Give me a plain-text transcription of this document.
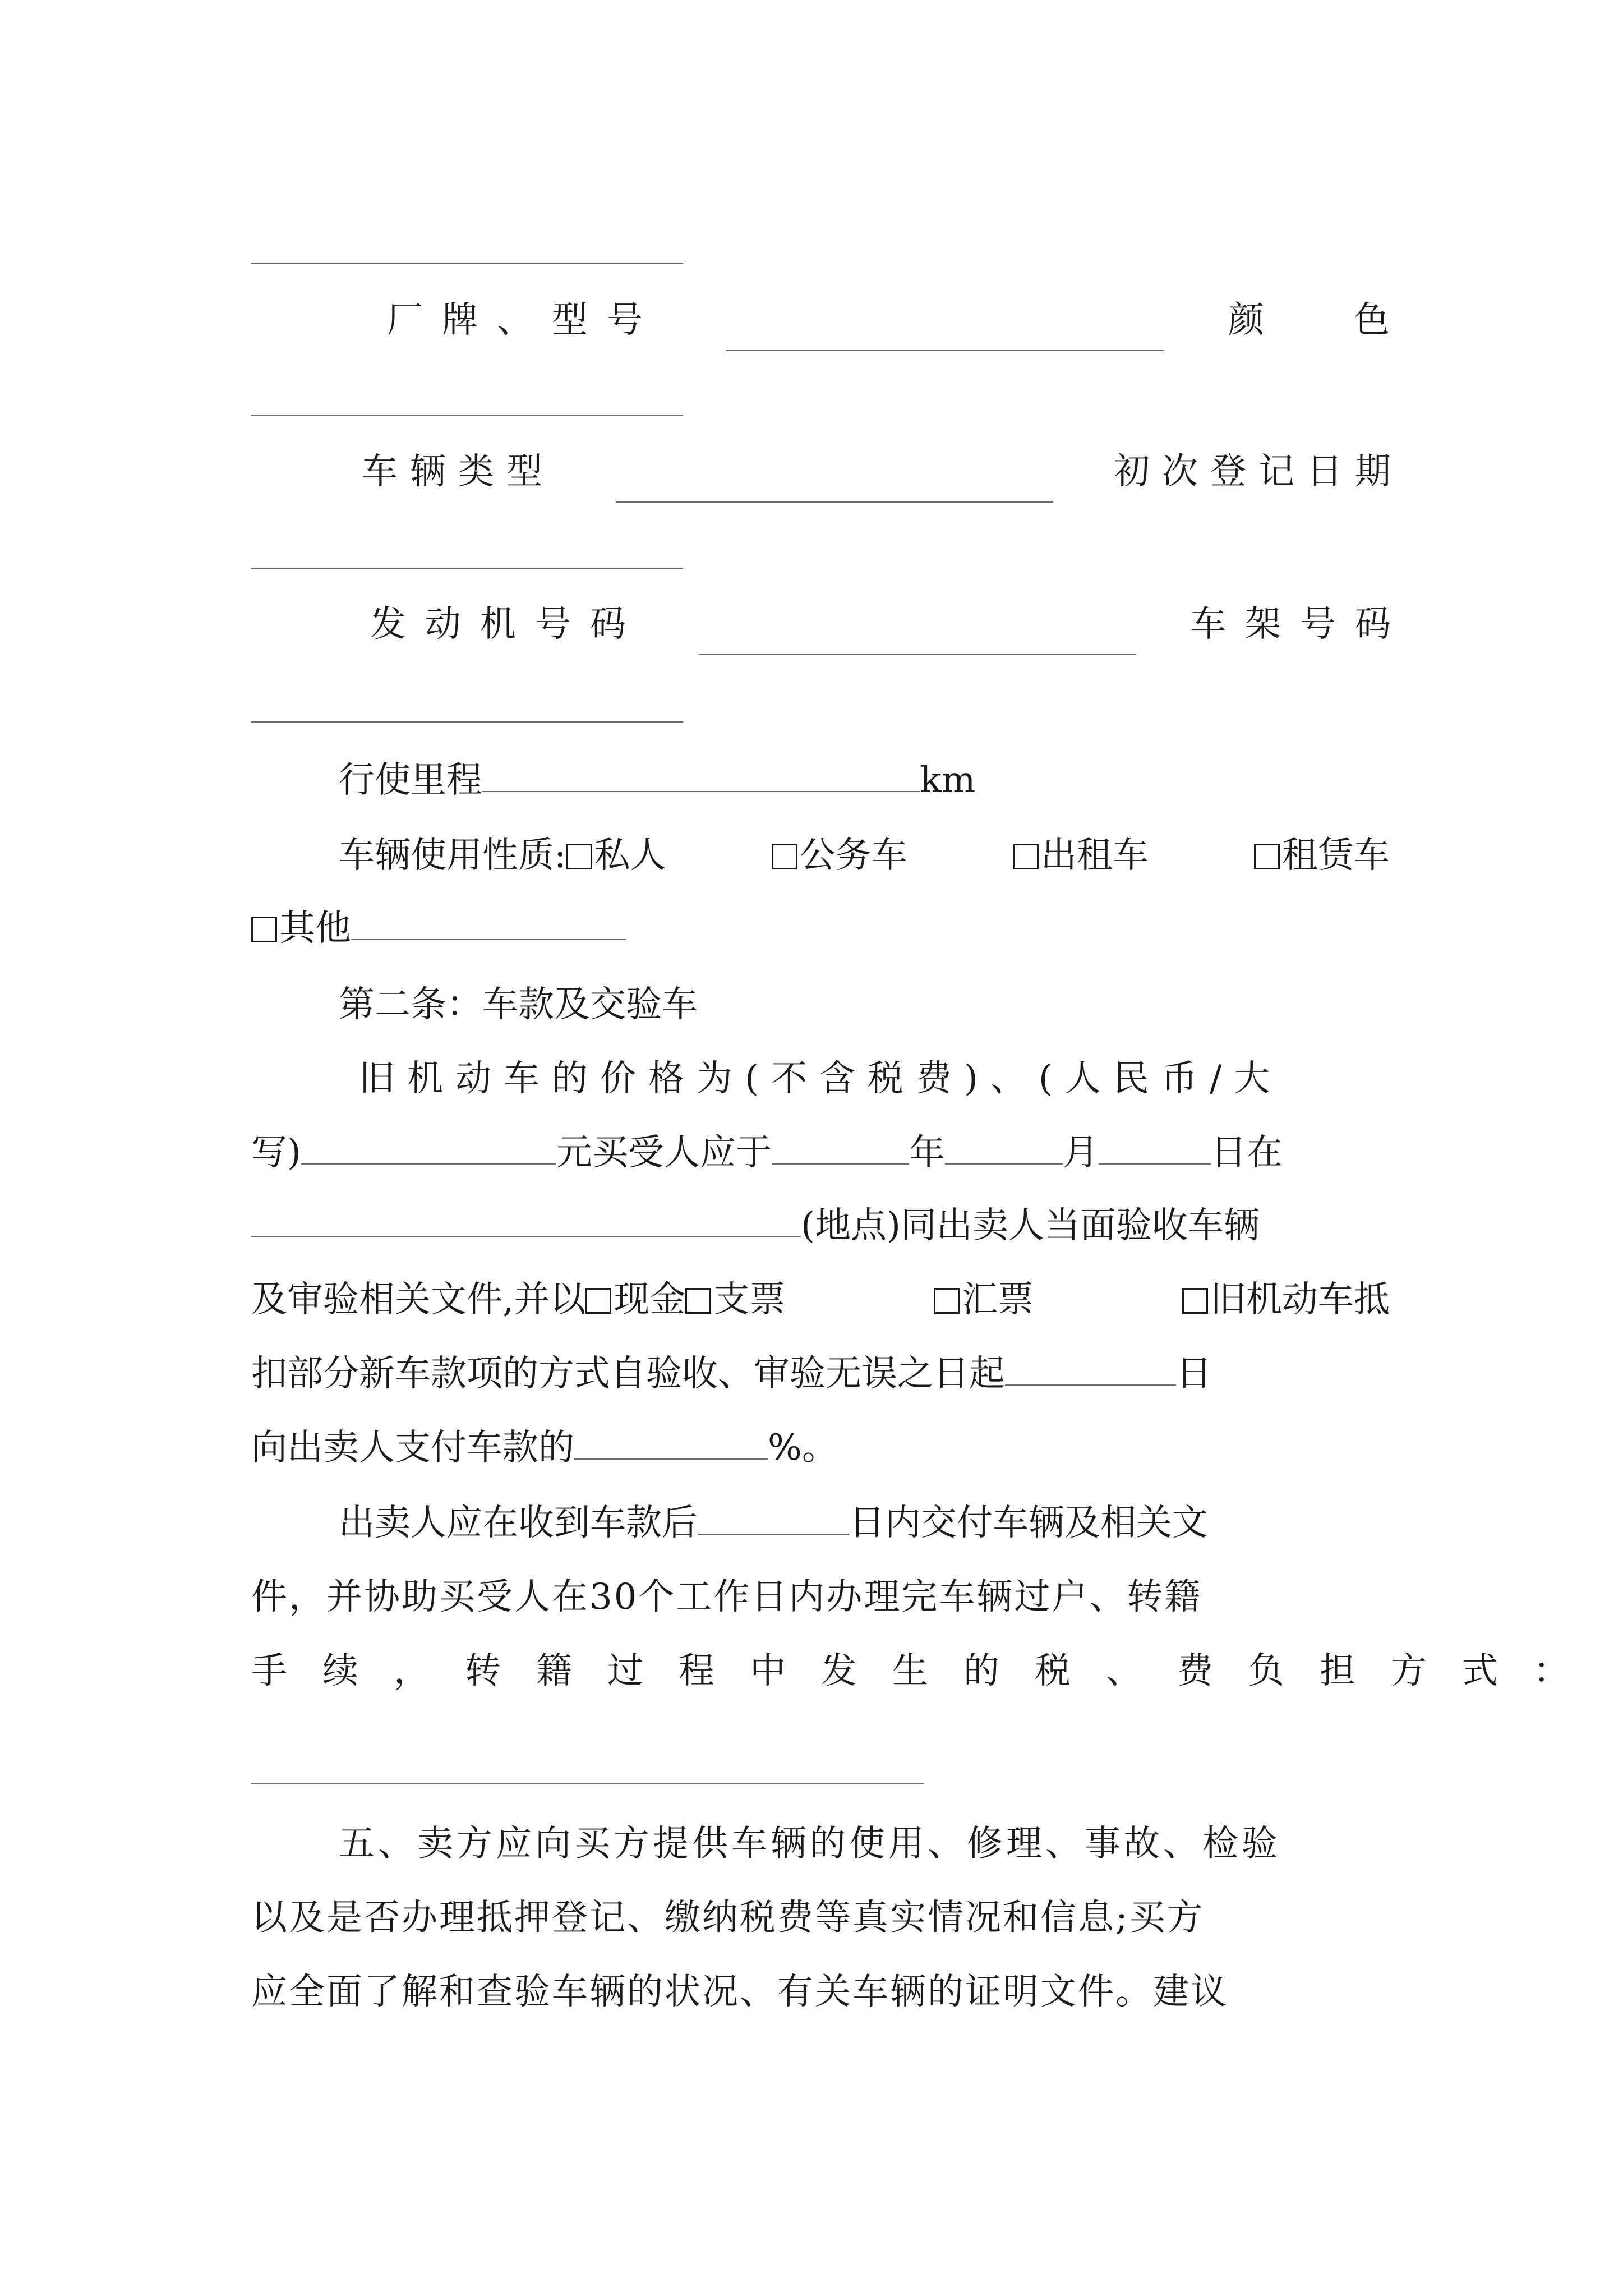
厂牌、型号	颜色
车辆类型	初次登记日期
发动机号码	车架号码
行使里程	km
车辆使用性质: 私人	公务车	出租车	租赁车
其他
第二条：车款及交验车
旧机动车的价格为(不含税费)、(人民币/大
写)	元买受人应于	年	月	日在
(地点)同出卖人当面验收车辆
及审验相关文件,并以 现金 支票	汇票	旧机动车抵
扣部分新车款项的方式自验收、审验无误之日起	日
向出卖人支付车款的	%。
出卖人应在收到车款后	日内交付车辆及相关文
件，并协助买受人在30个工作日内办理完车辆过户、转籍
手续，转籍过程中发生的税、费负担方式：
五、卖方应向买方提供车辆的使用、修理、事故、检验
以及是否办理抵押登记、缴纳税费等真实情况和信息;买方
应全面了解和查验车辆的状况、有关车辆的证明文件。建议
